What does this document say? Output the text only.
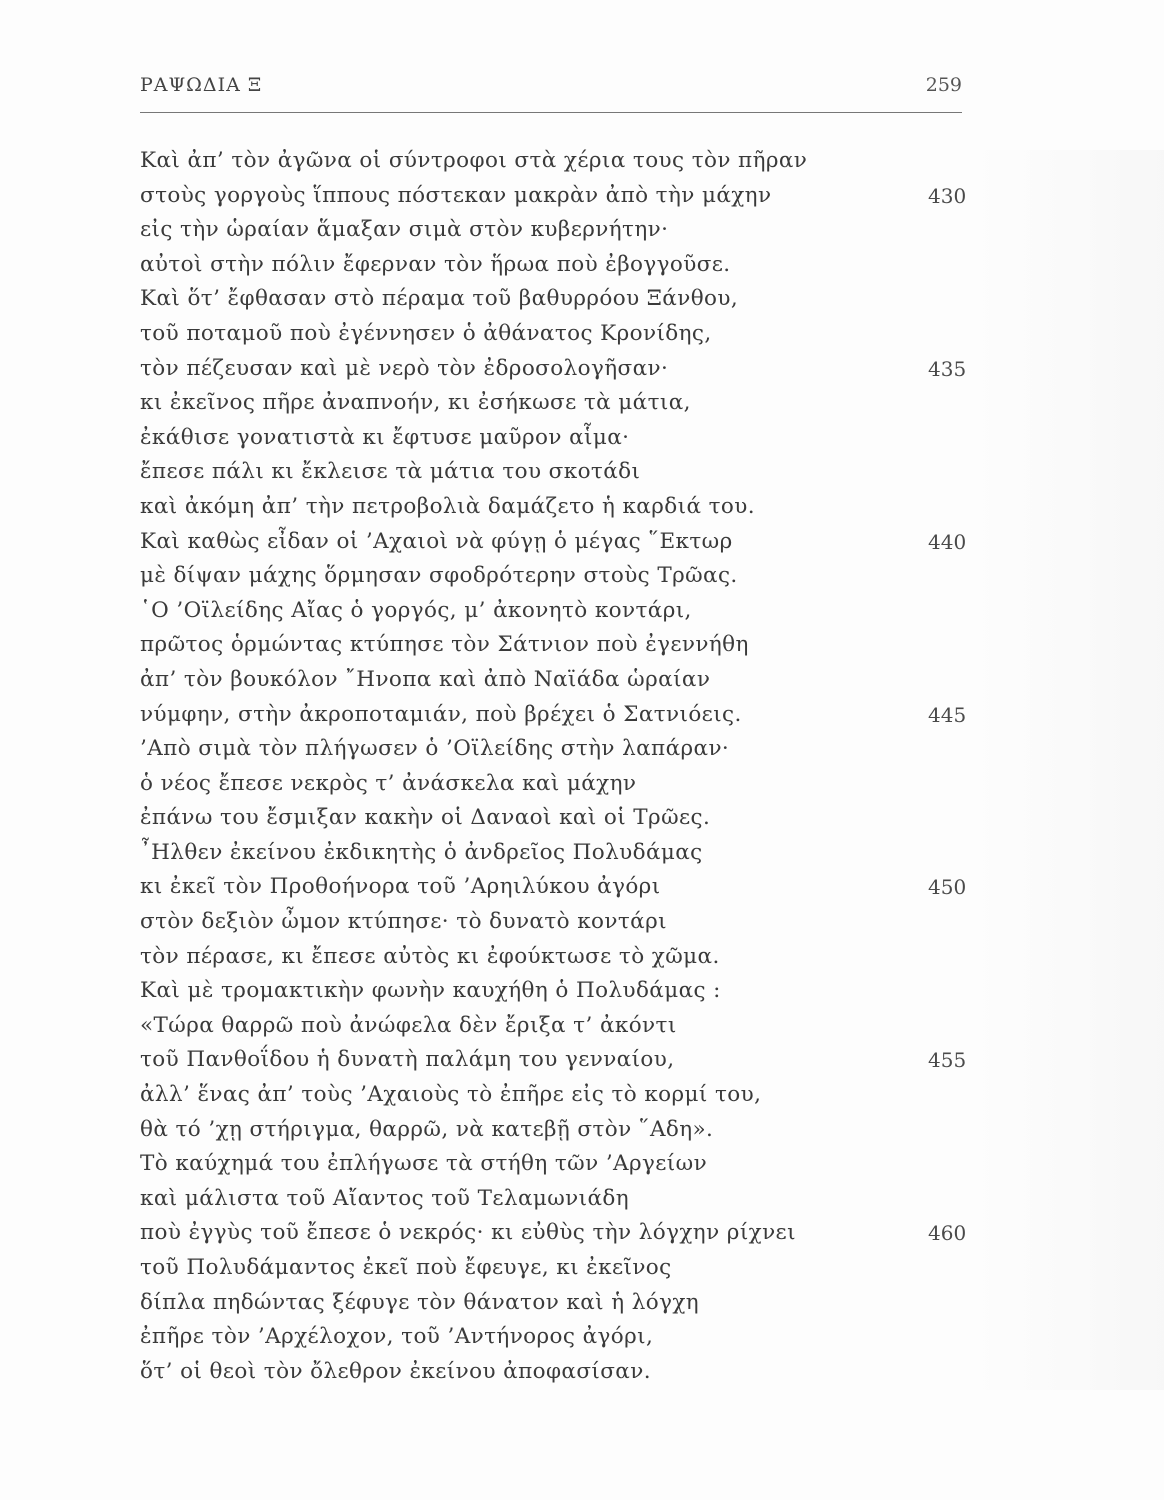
ΡΑΨΩΔΙΑ Ξ	259
Καὶ ἀπ’ τὸν ἀγῶνα οἱ σύντροφοι στὰ χέρια τους τὸν πῆραν
στοὺς γοργοὺς ἵππους πόστεκαν μακρὰν ἀπὸ τὴν μάχην	430
εἰς τὴν ὡραίαν ἅμαξαν σιμὰ στὸν κυβερνήτην·
αὐτοὶ στὴν πόλιν ἔφερναν τὸν ἥρωα ποὺ ἐβογγοῦσε.
Καὶ ὅτ’ ἔφθασαν στὸ πέραμα τοῦ βαθυρρόου Ξάνθου,
τοῦ ποταμοῦ ποὺ ἐγέννησεν ὁ ἀθάνατος Κρονίδης,
τὸν πέζευσαν καὶ μὲ νερὸ τὸν ἐδροσολογῆσαν·	435
κι ἐκεῖνος πῆρε ἀναπνοήν, κι ἐσήκωσε τὰ μάτια,
ἐκάθισε γονατιστὰ κι ἔφτυσε μαῦρον αἷμα·
ἔπεσε πάλι κι ἔκλεισε τὰ μάτια του σκοτάδι
καὶ ἀκόμη ἀπ’ τὴν πετροβολιὰ δαμάζετο ἡ καρδιά του.
Καὶ καθὼς εἶδαν οἱ ’Αχαιοὶ νὰ φύγῃ ὁ μέγας ῞Εκτωρ	440
μὲ δίψαν μάχης ὅρμησαν σφοδρότερην στοὺς Τρῶας.
῾Ο ’Οϊλείδης Αἴας ὁ γοργός, μ’ ἀκονητὸ κοντάρι,
πρῶτος ὁρμώντας κτύπησε τὸν Σάτνιον ποὺ ἐγεννήθη
ἀπ’ τὸν βουκόλον ῎Ηνοπα καὶ ἀπὸ Ναϊάδα ὡραίαν
νύμφην, στὴν ἀκροποταμιάν, ποὺ βρέχει ὁ Σατνιόεις.	445
’Απὸ σιμὰ τὸν πλήγωσεν ὁ ’Οϊλείδης στὴν λαπάραν·
ὁ νέος ἔπεσε νεκρὸς τ’ ἀνάσκελα καὶ μάχην
ἐπάνω του ἔσμιξαν κακὴν οἱ Δαναοὶ καὶ οἱ Τρῶες.
῏Ηλθεν ἐκείνου ἐκδικητὴς ὁ ἀνδρεῖος Πολυδάμας
κι ἐκεῖ τὸν Προθοήνορα τοῦ ’Αρηιλύκου ἀγόρι	450
στὸν δεξιὸν ὦμον κτύπησε· τὸ δυνατὸ κοντάρι
τὸν πέρασε, κι ἔπεσε αὐτὸς κι ἐφούκτωσε τὸ χῶμα.
Καὶ μὲ τρομακτικὴν φωνὴν καυχήθη ὁ Πολυδάμας :
«Τώρα θαρρῶ ποὺ ἀνώφελα δὲν ἔριξα τ’ ἀκόντι
τοῦ Πανθοΐδου ἡ δυνατὴ παλάμη του γενναίου,	455
ἀλλ’ ἕνας ἀπ’ τοὺς ’Αχαιοὺς τὸ ἐπῆρε εἰς τὸ κορμί του,
θὰ τό ’χῃ στήριγμα, θαρρῶ, νὰ κατεβῇ στὸν ῞Αδη».
Τὸ καύχημά του ἐπλήγωσε τὰ στήθη τῶν ’Αργείων
καὶ μάλιστα τοῦ Αἴαντος τοῦ Τελαμωνιάδη
ποὺ ἐγγὺς τοῦ ἔπεσε ὁ νεκρός· κι εὐθὺς τὴν λόγχην ρίχνει	460
τοῦ Πολυδάμαντος ἐκεῖ ποὺ ἔφευγε, κι ἐκεῖνος
δίπλα πηδώντας ξέφυγε τὸν θάνατον καὶ ἡ λόγχη
ἐπῆρε τὸν ’Αρχέλοχον, τοῦ ’Αντήνορος ἀγόρι,
ὅτ’ οἱ θεοὶ τὸν ὄλεθρον ἐκείνου ἀποφασίσαν.
